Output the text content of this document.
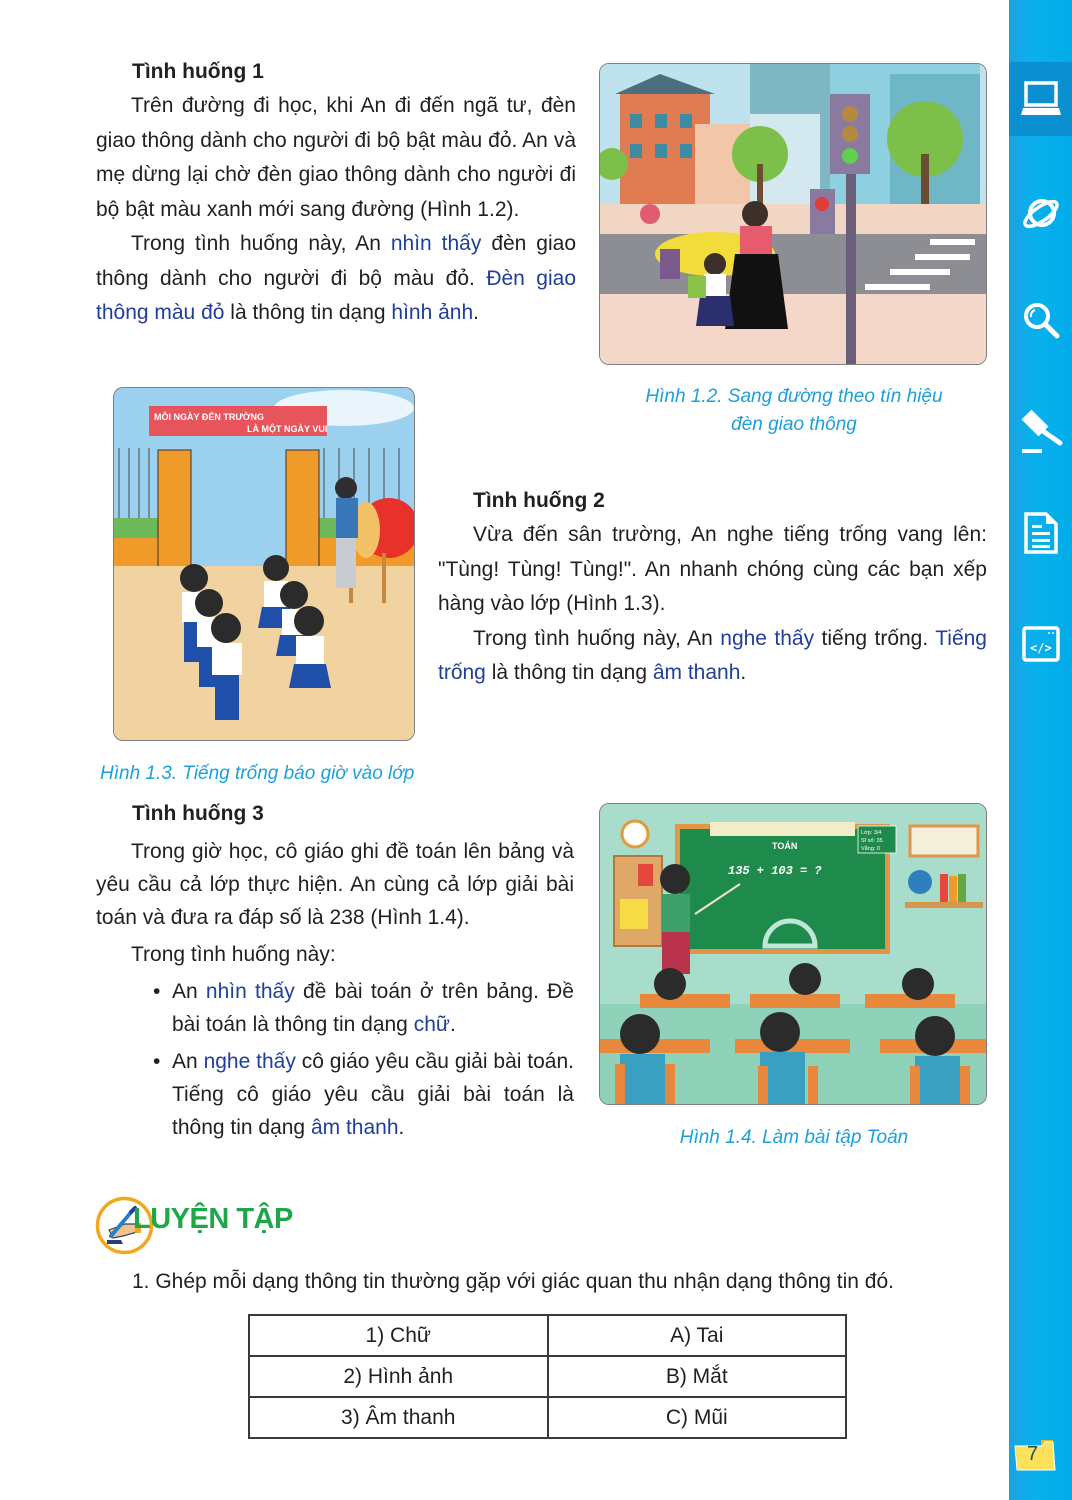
Tình huống 1

Trên đường đi học, khi An đi đến ngã tư, đèn giao thông dành cho người đi bộ bật màu đỏ. An và mẹ dừng lại chờ đèn giao thông dành cho người đi bộ bật màu xanh mới sang đường (Hình 1.2).

Trong tình huống này, An nhìn thấy đèn giao thông dành cho người đi bộ màu đỏ. Đèn giao thông màu đỏ là thông tin dạng hình ảnh.

Hình 1.2. Sang đường theo tín hiệu
đèn giao thông
MỖI NGÀY ĐẾN TRƯỜNG
LÀ MỘT NGÀY VUI
Tình huống 2

Vừa đến sân trường, An nghe tiếng trống vang lên: "Tùng! Tùng! Tùng!". An nhanh chóng cùng các bạn xếp hàng vào lớp (Hình 1.3).

Trong tình huống này, An nghe thấy tiếng trống. Tiếng trống là thông tin dạng âm thanh.

Hình 1.3. Tiếng trống báo giờ vào lớp
Tình huống 3

Trong giờ học, cô giáo ghi đề toán lên bảng và yêu cầu cả lớp thực hiện. An cùng cả lớp giải bài toán và đưa ra đáp số là 238 (Hình 1.4).

Trong tình huống này:

• An nhìn thấy đề bài toán ở trên bảng. Đề bài toán là thông tin dạng chữ.
• An nghe thấy cô giáo yêu cầu giải bài toán. Tiếng cô giáo yêu cầu giải bài toán là thông tin dạng âm thanh.
TOÁN
135 + 103 = ?
Lớp: 3/4
Sĩ số: 35
Vắng: 0
Hình 1.4. Làm bài tập Toán
LUYỆN TẬP
1. Ghép mỗi dạng thông tin thường gặp với giác quan thu nhận dạng thông tin đó.
1) Chữ	A) Tai
2) Hình ảnh	B) Mắt
3) Âm thanh	C) Mũi
</>
7
